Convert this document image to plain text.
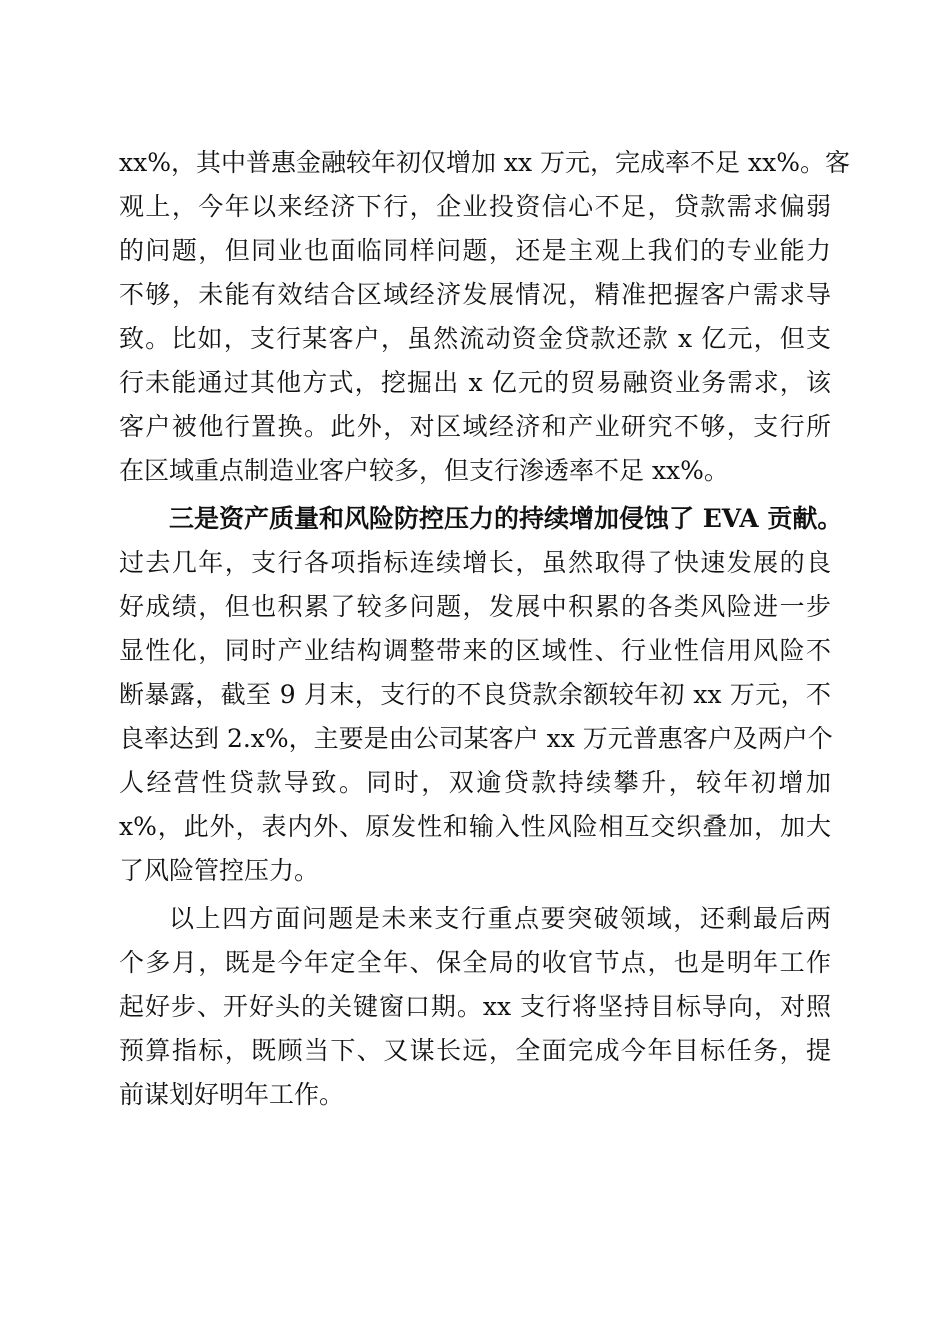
xx%，其中普惠金融较年初仅增加 xx 万元，完成率不足 xx%。客
观上，今年以来经济下行，企业投资信心不足，贷款需求偏弱
的问题，但同业也面临同样问题，还是主观上我们的专业能力
不够，未能有效结合区域经济发展情况，精准把握客户需求导
致。比如，支行某客户，虽然流动资金贷款还款 x 亿元，但支
行未能通过其他方式，挖掘出 x 亿元的贸易融资业务需求，该
客户被他行置换。此外，对区域经济和产业研究不够，支行所
在区域重点制造业客户较多，但支行渗透率不足 xx%。
三是资产质量和风险防控压力的持续增加侵蚀了 EVA 贡献。
过去几年，支行各项指标连续增长，虽然取得了快速发展的良
好成绩，但也积累了较多问题，发展中积累的各类风险进一步
显性化，同时产业结构调整带来的区域性、行业性信用风险不
断暴露，截至 9 月末，支行的不良贷款余额较年初 xx 万元，不
良率达到 2.x%，主要是由公司某客户 xx 万元普惠客户及两户个
人经营性贷款导致。同时，双逾贷款持续攀升，较年初增加
x%，此外，表内外、原发性和输入性风险相互交织叠加，加大
了风险管控压力。
以上四方面问题是未来支行重点要突破领域，还剩最后两
个多月，既是今年定全年、保全局的收官节点，也是明年工作
起好步、开好头的关键窗口期。xx 支行将坚持目标导向，对照
预算指标，既顾当下、又谋长远，全面完成今年目标任务，提
前谋划好明年工作。
